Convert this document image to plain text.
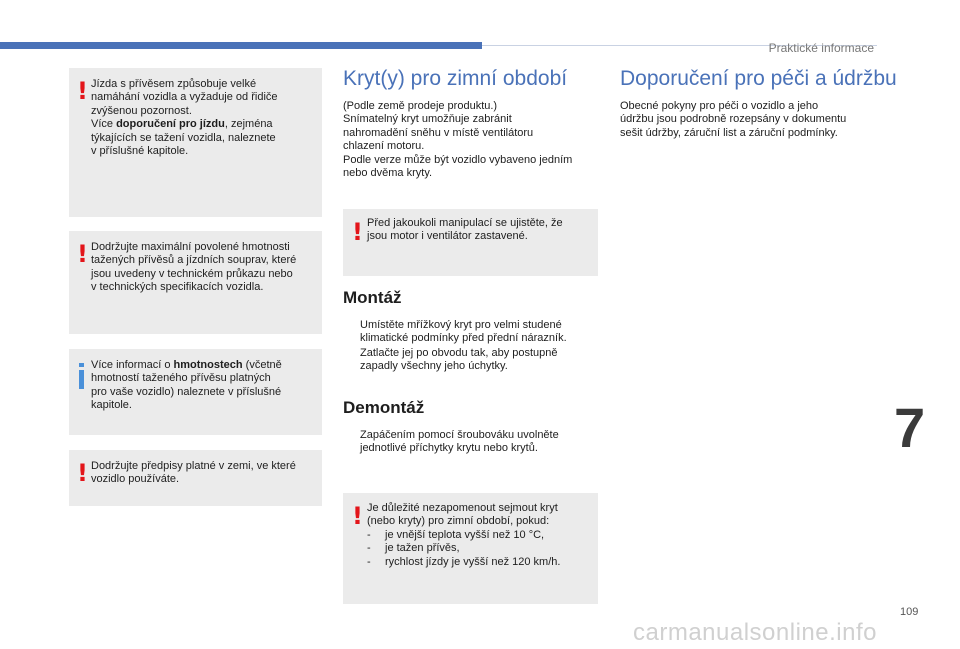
Praktické informace
! Jízda s přívěsem způsobuje velké
namáhání vozidla a vyžaduje od řidiče
zvýšenou pozornost.
Více doporučení pro jízdu, zejména
týkajících se tažení vozidla, naleznete
v příslušné kapitole.
! Dodržujte maximální povolené hmotnosti
tažených přívěsů a jízdních souprav, které
jsou uvedeny v technickém průkazu nebo
v technických specifikacích vozidla.
Více informací o hmotnostech (včetně
hmotností taženého přívěsu platných
pro vaše vozidlo) naleznete v příslušné
kapitole.
! Dodržujte předpisy platné v zemi, ve které
vozidlo používáte.
Kryt(y) pro zimní období
(Podle země prodeje produktu.)
Snímatelný kryt umožňuje zabránit
nahromadění sněhu v místě ventilátoru
chlazení motoru.
Podle verze může být vozidlo vybaveno jedním
nebo dvěma kryty.
! Před jakoukoli manipulací se ujistěte, že
jsou motor i ventilátor zastavené.
Montáž
Umístěte mřížkový kryt pro velmi studené
klimatické podmínky před přední nárazník.
Zatlačte jej po obvodu tak, aby postupně
zapadly všechny jeho úchytky.
Demontáž
Zapáčením pomocí šroubováku uvolněte
jednotlivé příchytky krytu nebo krytů.
! Je důležité nezapomenout sejmout kryt
(nebo kryty) pro zimní období, pokud:
- je vnější teplota vyšší než 10 °C,
- je tažen přívěs,
- rychlost jízdy je vyšší než 120 km/h.
Doporučení pro péči a údržbu
Obecné pokyny pro péči o vozidlo a jeho
údržbu jsou podrobně rozepsány v dokumentu
sešit údržby, záruční list a záruční podmínky.
7
109
carmanualsonline.info
